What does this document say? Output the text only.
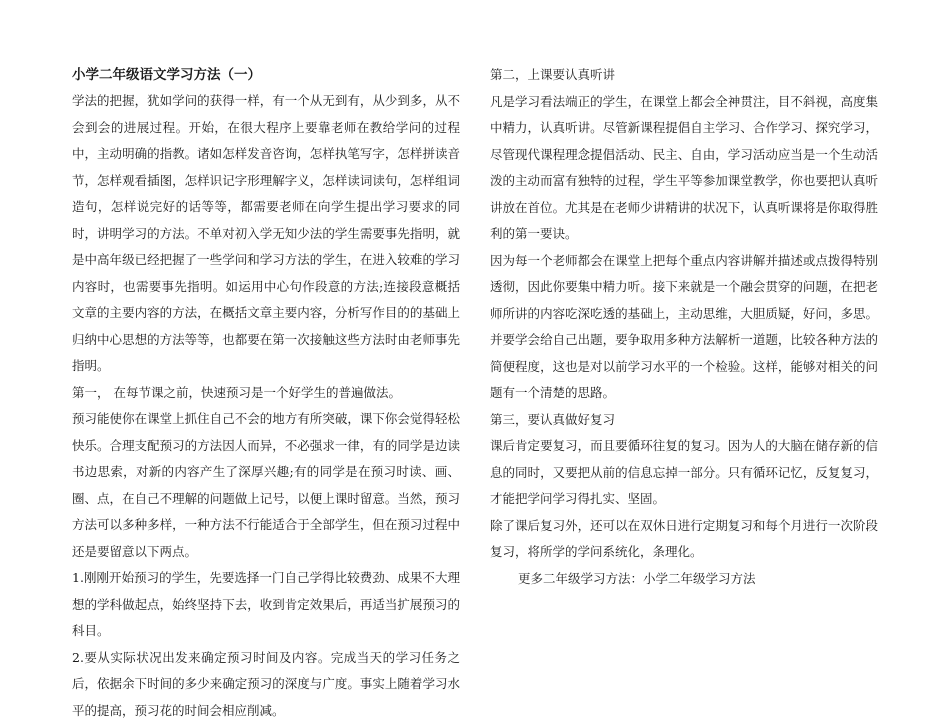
小学二年级语文学习方法（一）

学法的把握，犹如学问的获得一样，有一个从无到有，从少到多，从不会到会的进展过程。开始，在很大程序上要靠老师在教给学问的过程中，主动明确的指教。诸如怎样发音咨询，怎样执笔写字，怎样拼读音节，怎样观看插图，怎样识记字形理解字义，怎样读词读句，怎样组词造句，怎样说完好的话等等，都需要老师在向学生提出学习要求的同时，讲明学习的方法。不单对初入学无知少法的学生需要事先指明，就是中高年级已经把握了一些学问和学习方法的学生，在进入较难的学习内容时，也需要事先指明。如运用中心句作段意的方法;连接段意概括文章的主要内容的方法，在概括文章主要内容，分析写作目的的基础上归纳中心思想的方法等等，也都要在第一次接触这些方法时由老师事先指明。

第一， 在每节课之前，快速预习是一个好学生的普遍做法。

预习能使你在课堂上抓住自己不会的地方有所突破，课下你会觉得轻松快乐。合理支配预习的方法因人而异，不必强求一律，有的同学是边读书边思索，对新的内容产生了深厚兴趣;有的同学是在预习时读、画、圈、点，在自己不理解的问题做上记号，以便上课时留意。当然，预习方法可以多种多样，一种方法不行能适合于全部学生，但在预习过程中还是要留意以下两点。

1.刚刚开始预习的学生，先要选择一门自己学得比较费劲、成果不大理想的学科做起点，始终坚持下去，收到肯定效果后，再适当扩展预习的科目。

2.要从实际状况出发来确定预习时间及内容。完成当天的学习任务之后，依据余下时间的多少来确定预习的深度与广度。事实上随着学习水平的提高，预习花的时间会相应削减。

第二，上课要认真听讲

凡是学习看法端正的学生，在课堂上都会全神贯注，目不斜视，高度集中精力，认真听讲。尽管新课程提倡自主学习、合作学习、探究学习，尽管现代课程理念提倡活动、民主、自由，学习活动应当是一个生动活泼的主动而富有独特的过程，学生平等参加课堂教学，你也要把认真听讲放在首位。尤其是在老师少讲精讲的状况下，认真听课将是你取得胜利的第一要诀。

因为每一个老师都会在课堂上把每个重点内容讲解并描述或点拨得特别透彻，因此你要集中精力听。接下来就是一个融会贯穿的问题，在把老师所讲的内容吃深吃透的基础上，主动思维，大胆质疑，好问，多思。并要学会给自己出题，要争取用多种方法解析一道题，比较各种方法的简便程度，这也是对以前学习水平的一个检验。这样，能够对相关的问题有一个清楚的思路。

第三，要认真做好复习

课后肯定要复习，而且要循环往复的复习。因为人的大脑在储存新的信息的同时，又要把从前的信息忘掉一部分。只有循环记忆，反复复习，才能把学问学习得扎实、坚固。

除了课后复习外，还可以在双休日进行定期复习和每个月进行一次阶段复习，将所学的学问系统化，条理化。

更多二年级学习方法：小学二年级学习方法
